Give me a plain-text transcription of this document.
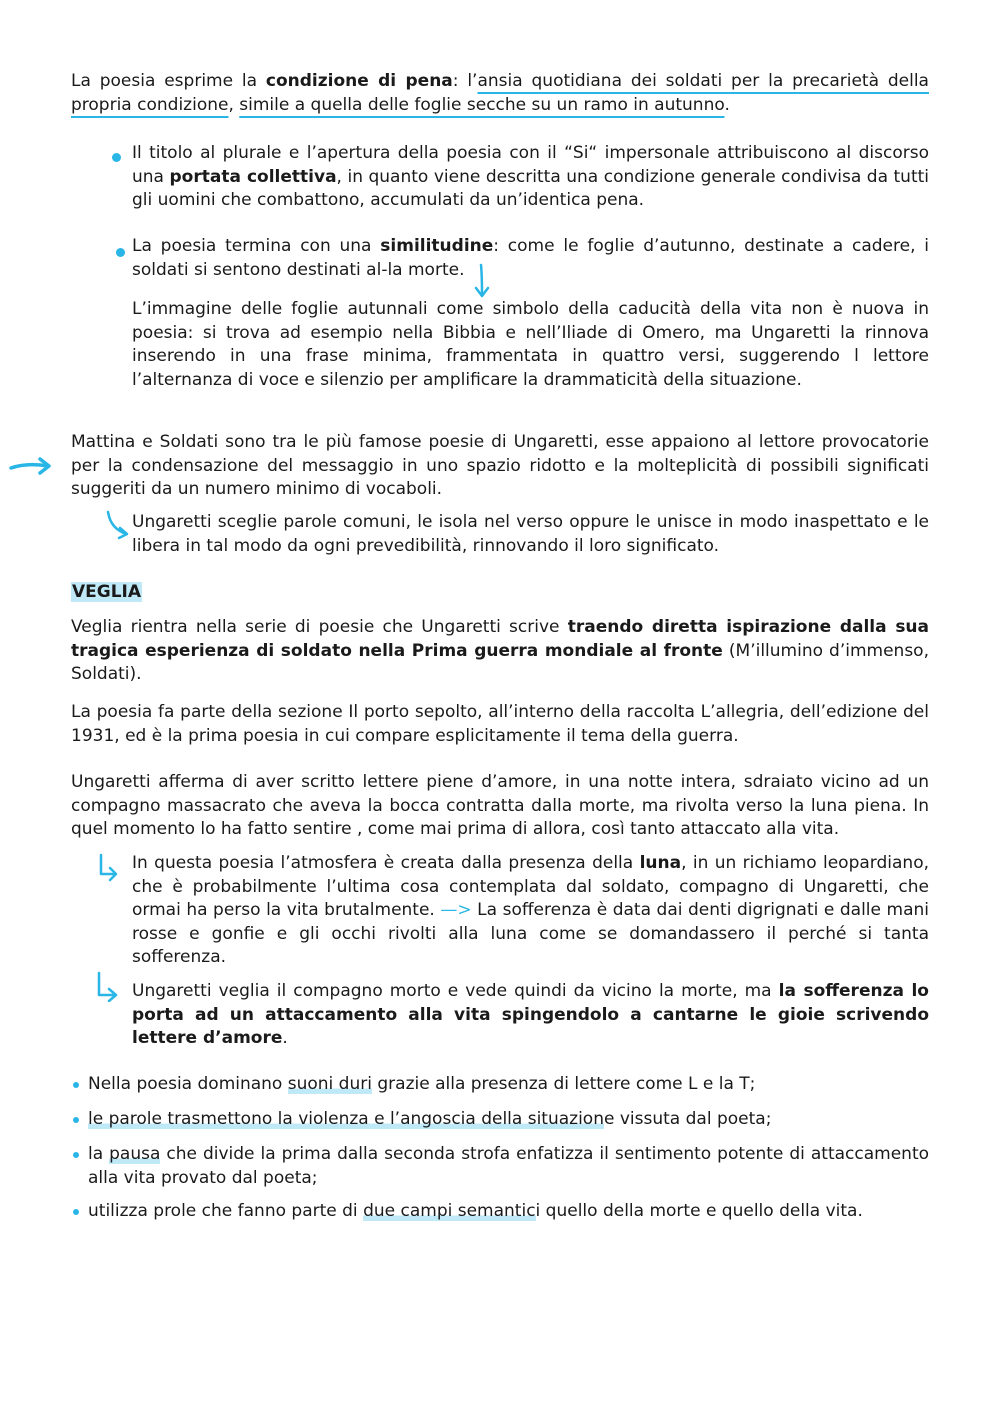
La poesia esprime la condizione di pena: l’ansia quotidiana dei soldati per la precarietà della propria condizione, simile a quella delle foglie secche su un ramo in autunno.

Il titolo al plurale e l’apertura della poesia con il “Si“ impersonale attribuiscono al discorso una portata collettiva, in quanto viene descritta una condizione generale condivisa da tutti gli uomini che combattono, accumulati da un’identica pena.

La poesia termina con una similitudine: come le foglie d’autunno, destinate a cadere, i soldati si sentono destinati al-la morte.

L’immagine delle foglie autunnali come simbolo della caducità della vita non è nuova in poesia: si trova ad esempio nella Bibbia e nell’Iliade di Omero, ma Ungaretti la rinnova inserendo in una frase minima, frammentata in quattro versi, suggerendo l lettore l’alternanza di voce e silenzio per amplificare la drammaticità della situazione.

Mattina e Soldati sono tra le più famose poesie di Ungaretti, esse appaiono al lettore provocatorie per la condensazione del messaggio in uno spazio ridotto e la molteplicità di possibili significati suggeriti da un numero minimo di vocaboli.

Ungaretti sceglie parole comuni, le isola nel verso oppure le unisce in modo inaspettato e le libera in tal modo da ogni prevedibilità, rinnovando il loro significato.

VEGLIA

Veglia rientra nella serie di poesie che Ungaretti scrive traendo diretta ispirazione dalla sua tragica esperienza di soldato nella Prima guerra mondiale al fronte (M’illumino d’immenso, Soldati).

La poesia fa parte della sezione Il porto sepolto, all’interno della raccolta L’allegria, dell’edizione del 1931, ed è la prima poesia in cui compare esplicitamente il tema della guerra.

Ungaretti afferma di aver scritto lettere piene d’amore, in una notte intera, sdraiato vicino ad un compagno massacrato che aveva la bocca contratta dalla morte, ma rivolta verso la luna piena. In quel momento lo ha fatto sentire , come mai prima di allora, così tanto attaccato alla vita.

In questa poesia l’atmosfera è creata dalla presenza della luna, in un richiamo leopardiano, che è probabilmente l’ultima cosa contemplata dal soldato, compagno di Ungaretti, che ormai ha perso la vita brutalmente. —> La sofferenza è data dai denti digrignati e dalle mani rosse e gonfie e gli occhi rivolti alla luna come se domandassero il perché si tanta sofferenza.

Ungaretti veglia il compagno morto e vede quindi da vicino la morte, ma la sofferenza lo porta ad un attaccamento alla vita spingendolo a cantarne le gioie scrivendo lettere d’amore.

Nella poesia dominano suoni duri grazie alla presenza di lettere come L e la T;

le parole trasmettono la violenza e l’angoscia della situazione vissuta dal poeta;

la pausa che divide la prima dalla seconda strofa enfatizza il sentimento potente di attaccamento alla vita provato dal poeta;

utilizza prole che fanno parte di due campi semantici quello della morte e quello della vita.
